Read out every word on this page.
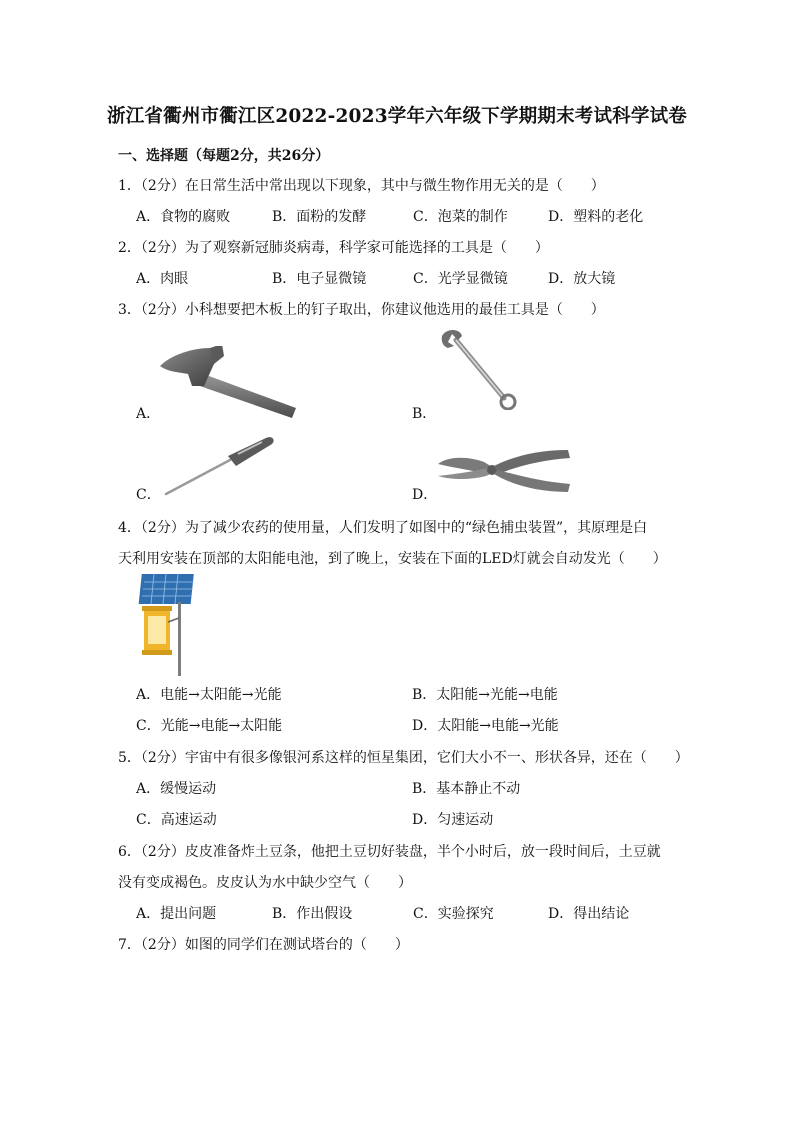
浙江省衢州市衢江区2022-2023学年六年级下学期期末考试科学试卷
一、选择题（每题2分，共26分）
1．（2分）在日常生活中常出现以下现象，其中与微生物作用无关的是（　　）
A．食物的腐败	B．面粉的发酵	C．泡菜的制作	D．塑料的老化
2．（2分）为了观察新冠肺炎病毒，科学家可能选择的工具是（　　）
A．肉眼	B．电子显微镜	C．光学显微镜	D．放大镜
3．（2分）小科想要把木板上的钉子取出，你建议他选用的最佳工具是（　　）
A．	B．
C．	D．
4．（2分）为了减少农药的使用量，人们发明了如图中的“绿色捕虫装置”，其原理是白
天利用安装在顶部的太阳能电池，到了晚上，安装在下面的LED灯就会自动发光（　　）
A．电能→太阳能→光能	B．太阳能→光能→电能
C．光能→电能→太阳能	D．太阳能→电能→光能
5．（2分）宇宙中有很多像银河系这样的恒星集团，它们大小不一、形状各异，还在（　　）
A．缓慢运动	B．基本静止不动
C．高速运动	D．匀速运动
6．（2分）皮皮准备炸土豆条，他把土豆切好装盘，半个小时后，放一段时间后，土豆就
没有变成褐色。皮皮认为水中缺少空气（　　）
A．提出问题	B．作出假设	C．实验探究	D．得出结论
7．（2分）如图的同学们在测试塔台的（　　）
